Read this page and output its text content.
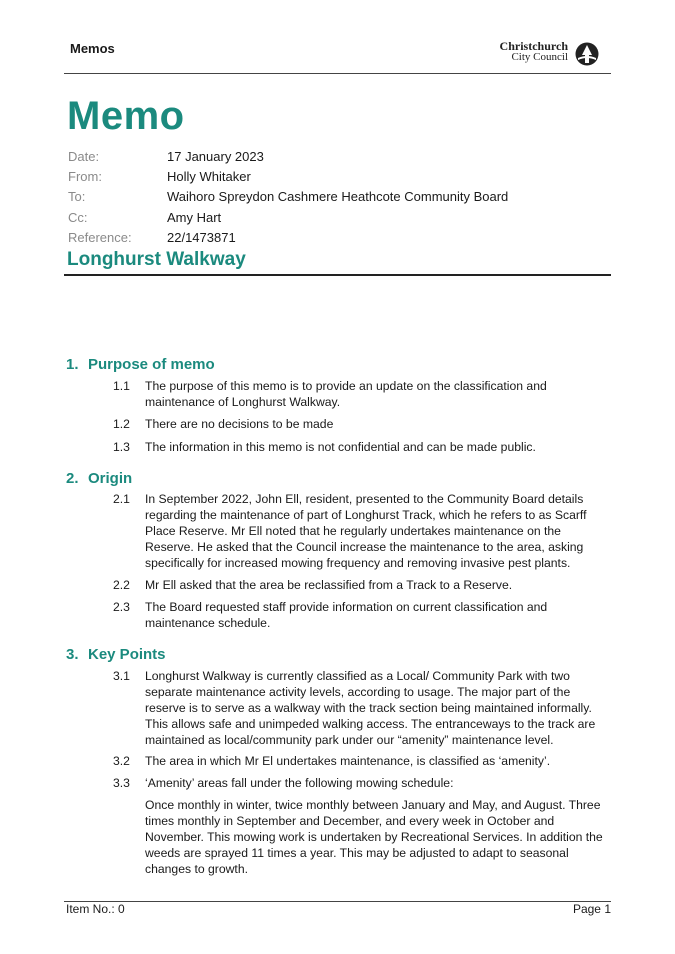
Memos	Christchurch
City Council
Memo
Date:	17 January 2023
From:	Holly Whitaker
To:	Waihoro Spreydon Cashmere Heathcote Community Board
Cc:	Amy Hart
Reference:	22/1473871
Longhurst Walkway
1. Purpose of memo
1.1	The purpose of this memo is to provide an update on the classification and maintenance of Longhurst Walkway.
1.2	There are no decisions to be made
1.3	The information in this memo is not confidential and can be made public.
2. Origin
2.1	In September 2022, John Ell, resident, presented to the Community Board details regarding the maintenance of part of Longhurst Track, which he refers to as Scarff Place Reserve. Mr Ell noted that he regularly undertakes maintenance on the Reserve. He asked that the Council increase the maintenance to the area, asking specifically for increased mowing frequency and removing invasive pest plants.
2.2	Mr Ell asked that the area be reclassified from a Track to a Reserve.
2.3	The Board requested staff provide information on current classification and maintenance schedule.
3. Key Points
3.1	Longhurst Walkway is currently classified as a Local/ Community Park with two separate maintenance activity levels, according to usage. The major part of the reserve is to serve as a walkway with the track section being maintained informally. This allows safe and unimpeded walking access. The entranceways to the track are maintained as local/community park under our “amenity” maintenance level.
3.2	The area in which Mr El undertakes maintenance, is classified as ‘amenity’.
3.3	‘Amenity’ areas fall under the following mowing schedule:
Once monthly in winter, twice monthly between January and May, and August. Three times monthly in September and December, and every week in October and November. This mowing work is undertaken by Recreational Services. In addition the weeds are sprayed 11 times a year. This may be adjusted to adapt to seasonal changes to growth.
Item No.: 0	Page 1
